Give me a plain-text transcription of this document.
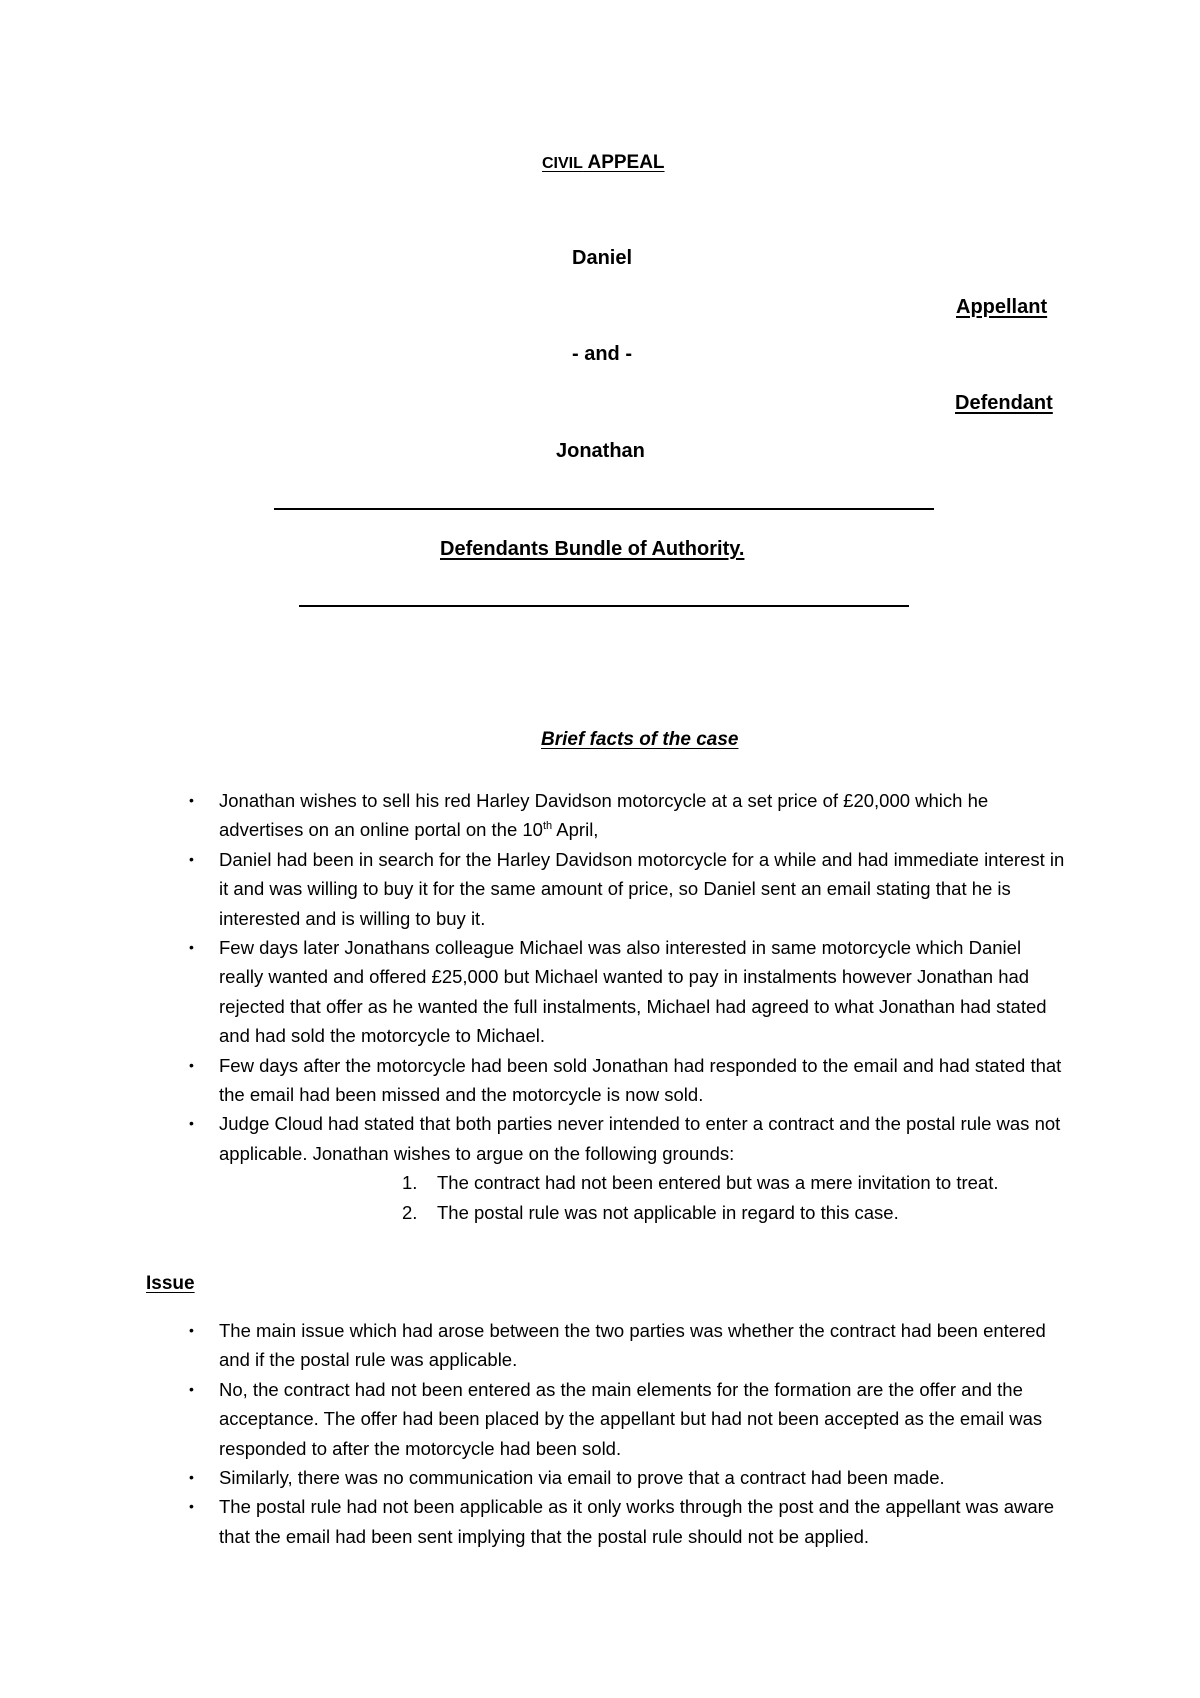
CIVIL APPEAL
Daniel
Appellant
- and -
Defendant
Jonathan
Defendants Bundle of Authority.
Brief facts of the case
• Jonathan wishes to sell his red Harley Davidson motorcycle at a set price of £20,000 which he advertises on an online portal on the 10th April,
• Daniel had been in search for the Harley Davidson motorcycle for a while and had immediate interest in it and was willing to buy it for the same amount of price, so Daniel sent an email stating that he is interested and is willing to buy it.
• Few days later Jonathans colleague Michael was also interested in same motorcycle which Daniel really wanted and offered £25,000 but Michael wanted to pay in instalments however Jonathan had rejected that offer as he wanted the full instalments, Michael had agreed to what Jonathan had stated and had sold the motorcycle to Michael.
• Few days after the motorcycle had been sold Jonathan had responded to the email and had stated that the email had been missed and the motorcycle is now sold.
• Judge Cloud had stated that both parties never intended to enter a contract and the postal rule was not applicable. Jonathan wishes to argue on the following grounds:
1. The contract had not been entered but was a mere invitation to treat.
2. The postal rule was not applicable in regard to this case.
Issue
• The main issue which had arose between the two parties was whether the contract had been entered and if the postal rule was applicable.
• No, the contract had not been entered as the main elements for the formation are the offer and the acceptance. The offer had been placed by the appellant but had not been accepted as the email was responded to after the motorcycle had been sold.
• Similarly, there was no communication via email to prove that a contract had been made.
• The postal rule had not been applicable as it only works through the post and the appellant was aware that the email had been sent implying that the postal rule should not be applied.
